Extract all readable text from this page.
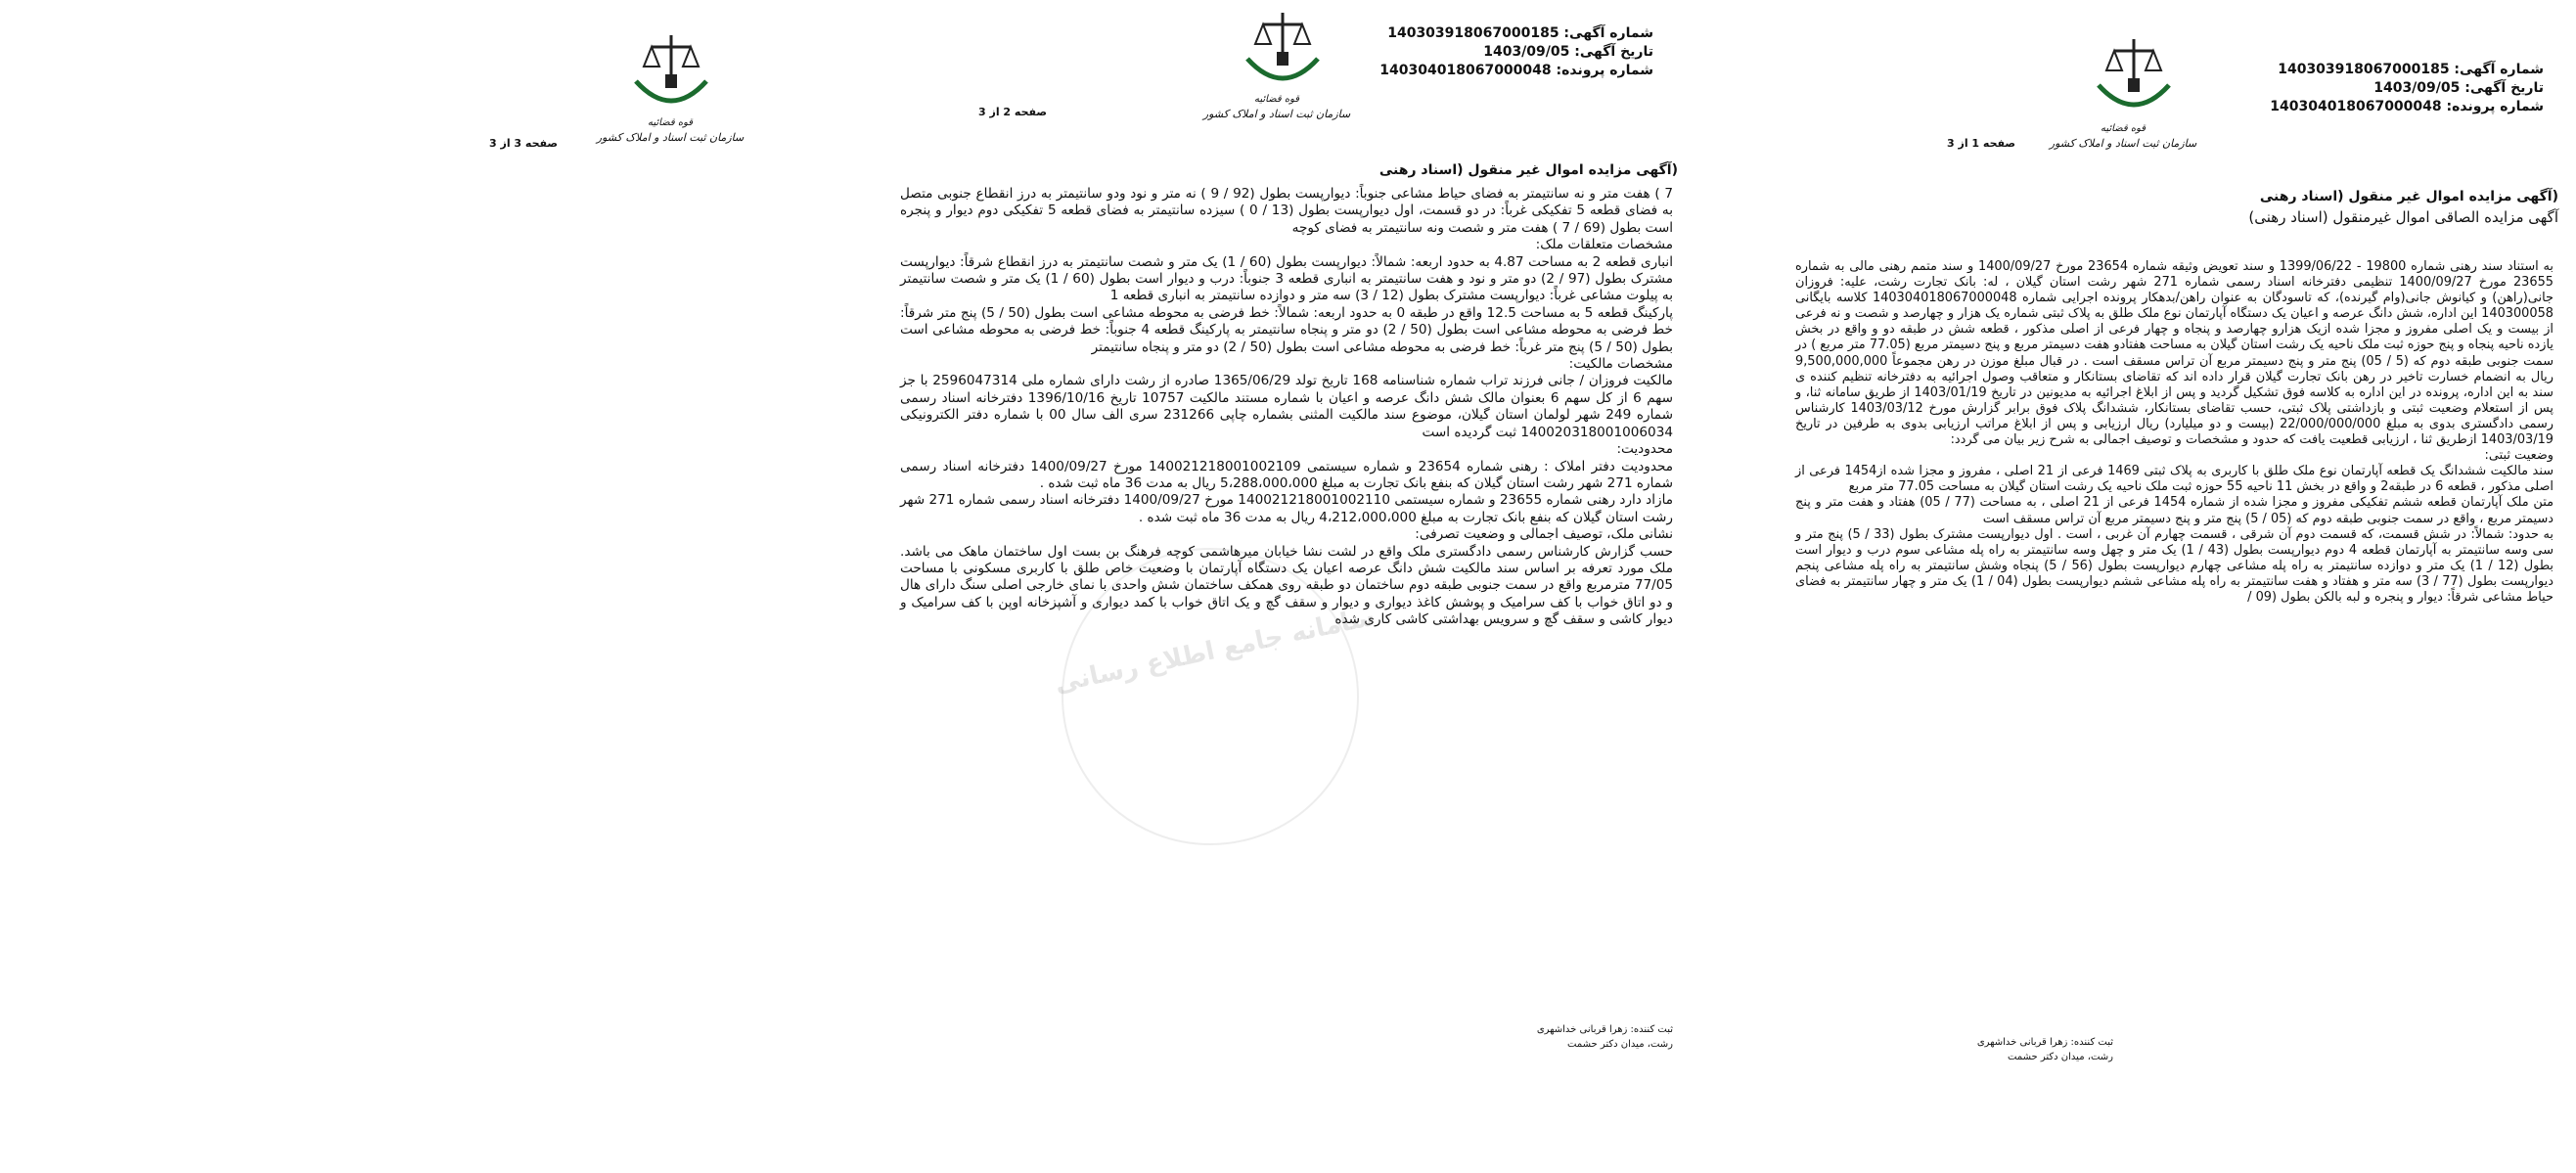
شماره آگهی: 140303918067000185
تاریخ آگهی: 1403/09/05
شماره پرونده: 140304018067000048
سازمان ثبت اسناد و املاک کشور
قوه قضائیه
صفحه 1 از 3
(آگهی مزایده اموال غیر منقول (اسناد رهنی
آگهی مزایده الصاقی اموال غیرمنقول (اسناد رهنی)
به استناد سند رهنی شماره 19800 - 1399/06/22 و سند تعویض وثیقه شماره 23654 مورخ 1400/09/27 و سند متمم رهنی مالی به شماره 23655 مورخ 1400/09/27 تنظیمی دفترخانه اسناد رسمی شماره 271 شهر رشت استان گیلان ، له: بانک تجارت رشت، علیه: فروزان جانی(راهن) و کیانوش جانی(وام گیرنده)، که تاسودگان به عنوان راهن/بدهکار پرونده اجرایی شماره 140304018067000048 کلاسه بایگانی 140300058 این اداره، شش دانگ عرصه و اعیان یک دستگاه آپارتمان نوع ملک طلق به پلاک ثبتی شماره یک هزار و چهارصد و شصت و نه فرعی از بیست و یک اصلی مفروز و مجزا شده ازیک هزارو چهارصد و پنجاه و چهار فرعی از اصلی مذکور ، قطعه شش در طبقه دو و واقع در بخش یازده ناحیه پنجاه و پنج حوزه ثبت ملک ناحیه یک رشت استان گیلان به مساحت هفتادو هفت دسیمتر مربع و پنج دسیمتر مربع (77.05 متر مربع ) در سمت جنوبی طبقه دوم که (5 / 05) پنج متر و پنج دسیمتر مربع آن تراس مسقف است . در قبال مبلغ موزن در رهن مجموعاً 9,500,000,000 ریال به انضمام خسارت تاخیر در رهن بانک تجارت گیلان قرار داده اند که تقاضای بستانکار و متعاقب وصول اجرائیه به دفترخانه تنظیم کننده ی سند به این اداره، پرونده در این اداره به کلاسه فوق تشکیل گردید و پس از ابلاغ اجرائیه به مدیونین در تاریخ 1403/01/19 از طریق سامانه ثنا، و پس از استعلام وضعیت ثبتی و بازداشتی پلاک ثبتی، حسب تقاضای بستانکار، ششدانگ پلاک فوق برابر گزارش مورخ 1403/03/12 کارشناس رسمی دادگستری بدوی به مبلغ 22/000/000/000 (بیست و دو میلیارد) ریال ارزیابی و پس از ابلاغ مراتب ارزیابی بدوی به طرفین در تاریخ 1403/03/19 ازطریق ثنا ، ارزیابی قطعیت یافت که حدود و مشخصات و توصیف اجمالی به شرح زیر بیان می گردد:
وضعیت ثبتی:
سند مالکیت ششدانگ یک قطعه آپارتمان نوع ملک طلق با کاربری به پلاک ثبتی 1469 فرعی از 21 اصلی ، مفروز و مجزا شده از1454 فرعی از اصلی مذکور ، قطعه 6 در طبقه2 و واقع در بخش 11 ناحیه 55 حوزه ثبت ملک ناحیه یک رشت استان گیلان به مساحت 77.05 متر مربع
متن ملک آپارتمان قطعه ششم تفکیکی مفروز و مجزا شده از شماره 1454 فرعی از 21 اصلی ، به مساحت (77 / 05) هفتاد و هفت متر و پنج دسیمتر مربع ، واقع در سمت جنوبی طبقه دوم که (05 / 5) پنج متر و پنج دسیمتر مربع آن تراس مسقف است
به حدود: شمالاً: در شش قسمت، که قسمت دوم آن شرقی ، قسمت چهارم آن غربی ، است . اول دیوارپست مشترک بطول (33 / 5) پنج متر و سی وسه سانتیمتر به آپارتمان قطعه 4 دوم دیوارپست بطول (43 / 1) یک متر و چهل وسه سانتیمتر به راه پله مشاعی سوم درب و دیوار است بطول (12 / 1) یک متر و دوازده سانتیمتر به راه پله مشاعی چهارم دیوارپست بطول (56 / 5) پنجاه وشش سانتیمتر به راه پله مشاعی پنجم دیوارپست بطول (77 / 3) سه متر و هفتاد و هفت سانتیمتر به راه پله مشاعی ششم دیوارپست بطول (04 / 1) یک متر و چهار سانتیمتر به فضای حیاط مشاعی شرقاً: دیوار و پنجره و لبه بالکن بطول (09 /
ثبت کننده: زهرا قربانی خداشهری
رشت، میدان دکتر حشمت
شماره آگهی: 140303918067000185
تاریخ آگهی: 1403/09/05
شماره پرونده: 140304018067000048
سازمان ثبت اسناد و املاک کشور
قوه قضائیه
صفحه 2 از 3
(آگهی مزایده اموال غیر منقول (اسناد رهنی
7 ) هفت متر و نه سانتیمتر به فضای حیاط مشاعی جنوباً: دیوارپست بطول (92 / 9 ) نه متر و نود ودو سانتیمتر به درز انقطاع جنوبی متصل به فضای قطعه 5 تفکیکی غرباً: در دو قسمت، اول دیوارپست بطول (13 / 0 ) سیزده سانتیمتر به فضای قطعه 5 تفکیکی دوم دیوار و پنجره است بطول (69 / 7 ) هفت متر و شصت ونه سانتیمتر به فضای کوچه
مشخصات متعلقات ملک:
انباری قطعه 2 به مساحت 4.87 به حدود اربعه: شمالاً: دیوارپست بطول (60 / 1) یک متر و شصت سانتیمتر به درز انقطاع شرقاً: دیوارپست مشترک بطول (97 / 2) دو متر و نود و هفت سانتیمتر به انباری قطعه 3 جنوباً: درب و دیوار است بطول (60 / 1) یک متر و شصت سانتیمتر به پیلوت مشاعی غرباً: دیوارپست مشترک بطول (12 / 3) سه متر و دوازده سانتیمتر به انباری قطعه 1
پارکینگ قطعه 5 به مساحت 12.5 واقع در طبقه 0 به حدود اربعه: شمالاً: خط فرضی به محوطه مشاعی است بطول (50 / 5) پنج متر شرقاً: خط فرضی به محوطه مشاعی است بطول (50 / 2) دو متر و پنجاه سانتیمتر به پارکینگ قطعه 4 جنوباً: خط فرضی به محوطه مشاعی است بطول (50 / 5) پنج متر غرباً: خط فرضی به محوطه مشاعی است بطول (50 / 2) دو متر و پنجاه سانتیمتر
مشخصات مالکیت:
مالکیت فروزان / جانی فرزند تراب شماره شناسنامه 168 تاریخ تولد 1365/06/29 صادره از رشت دارای شماره ملی 2596047314 با جز سهم 6 از کل سهم 6 بعنوان مالک شش دانگ عرصه و اعیان با شماره مستند مالکیت 10757 تاریخ 1396/10/16 دفترخانه اسناد رسمی شماره 249 شهر لولمان استان گیلان، موضوع سند مالکیت المثنی بشماره چاپی 231266 سری الف سال 00 با شماره دفتر الکترونیکی 140020318001006034 ثبت گردیده است
محدودیت:
محدودیت دفتر املاک : رهنی شماره 23654 و شماره سیستمی 140021218001002109 مورخ 1400/09/27 دفترخانه اسناد رسمی شماره 271 شهر رشت استان گیلان که بنفع بانک تجارت به مبلغ 5،288،000،000 ریال به مدت 36 ماه ثبت شده .
مازاد دارد رهنی شماره 23655 و شماره سیستمی 140021218001002110 مورخ 1400/09/27 دفترخانه اسناد رسمی شماره 271 شهر رشت استان گیلان که بنفع بانک تجارت به مبلغ 4،212،000،000 ریال به مدت 36 ماه ثبت شده .
نشانی ملک، توصیف اجمالی و وضعیت تصرفی:
حسب گزارش کارشناس رسمی دادگستری ملک واقع در لشت نشا خیابان میرهاشمی کوچه فرهنگ بن بست اول ساختمان ماهک می باشد. ملک مورد تعرفه بر اساس سند مالکیت شش دانگ عرصه اعیان یک دستگاه آپارتمان با وضعیت خاص طلق با کاربری مسکونی با مساحت 77/05 مترمربع واقع در سمت جنوبی طبقه دوم ساختمان دو طبقه روی همکف ساختمان شش واحدی با نمای خارجی اصلی سنگ دارای هال و دو اتاق خواب با کف سرامیک و پوشش کاغذ دیواری و دیوار و سقف گچ و یک اتاق خواب با کمد دیواری و آشپزخانه اوپن با کف سرامیک و دیوار کاشی و سقف گچ و سرویس بهداشتی کاشی کاری شده
سامانه جامع اطلاع رسانی
ثبت کننده: زهرا قربانی خداشهری
رشت، میدان دکتر حشمت
سازمان ثبت اسناد و املاک کشور
قوه قضائیه
صفحه 3 از 3
